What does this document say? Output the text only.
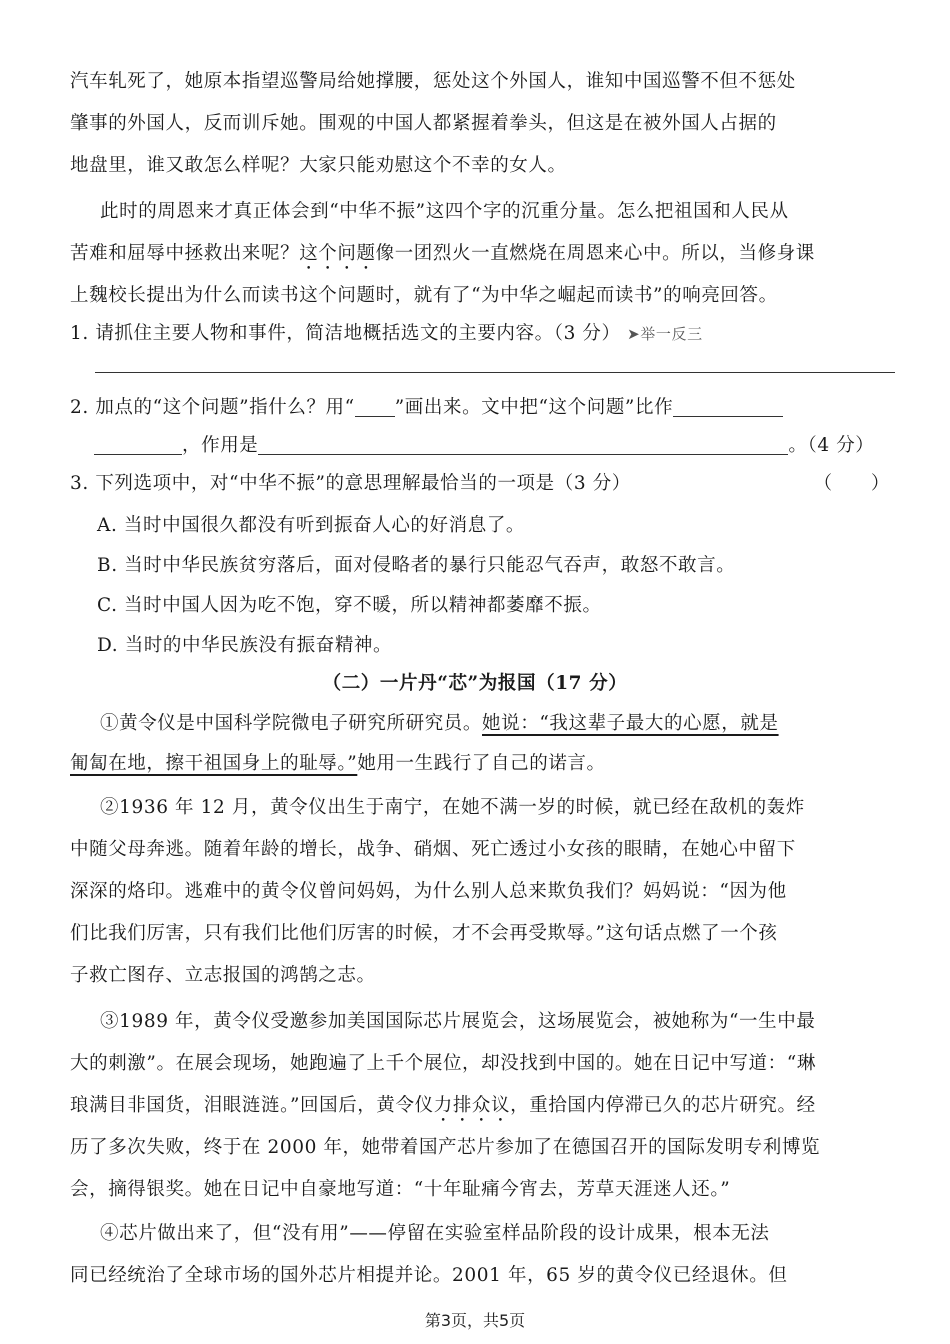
汽车轧死了，她原本指望巡警局给她撑腰，惩处这个外国人，谁知中国巡警不但不惩处
肇事的外国人，反而训斥她。围观的中国人都紧握着拳头，但这是在被外国人占据的
地盘里，谁又敢怎么样呢？大家只能劝慰这个不幸的女人。
此时的周恩来才真正体会到“中华不振”这四个字的沉重分量。怎么把祖国和人民从
苦难和屈辱中拯救出来呢？这个问题像一团烈火一直燃烧在周恩来心中。所以，当修身课
上魏校长提出为什么而读书这个问题时，就有了“为中华之崛起而读书”的响亮回答。
1. 请抓住主要人物和事件，简洁地概括选文的主要内容。（3 分） ➤举一反三
2. 加点的“这个问题”指什么？用“ ”画出来。文中把“这个问题”比作
，作用是	。（4 分）
3. 下列选项中，对“中华不振”的意思理解最恰当的一项是（3 分）	（　　）
A. 当时中国很久都没有听到振奋人心的好消息了。
B. 当时中华民族贫穷落后，面对侵略者的暴行只能忍气吞声，敢怒不敢言。
C. 当时中国人因为吃不饱，穿不暖，所以精神都萎靡不振。
D. 当时的中华民族没有振奋精神。
（二）一片丹“芯”为报国（17 分）
①黄令仪是中国科学院微电子研究所研究员。她说：“我这辈子最大的心愿，就是
匍匐在地，擦干祖国身上的耻辱。”她用一生践行了自己的诺言。
②1936 年 12 月，黄令仪出生于南宁，在她不满一岁的时候，就已经在敌机的轰炸
中随父母奔逃。随着年龄的增长，战争、硝烟、死亡透过小女孩的眼睛，在她心中留下
深深的烙印。逃难中的黄令仪曾问妈妈，为什么别人总来欺负我们？妈妈说：“因为他
们比我们厉害，只有我们比他们厉害的时候，才不会再受欺辱。”这句话点燃了一个孩
子救亡图存、立志报国的鸿鹄之志。
③1989 年，黄令仪受邀参加美国国际芯片展览会，这场展览会，被她称为“一生中最
大的刺激”。在展会现场，她跑遍了上千个展位，却没找到中国的。她在日记中写道：“琳
琅满目非国货，泪眼涟涟。”回国后，黄令仪力排众议，重拾国内停滞已久的芯片研究。经
历了多次失败，终于在 2000 年，她带着国产芯片参加了在德国召开的国际发明专利博览
会，摘得银奖。她在日记中自豪地写道：“十年耻痛今宵去，芳草天涯迷人还。”
④芯片做出来了，但“没有用”——停留在实验室样品阶段的设计成果，根本无法
同已经统治了全球市场的国外芯片相提并论。2001 年，65 岁的黄令仪已经退休。但
第3页，共5页
